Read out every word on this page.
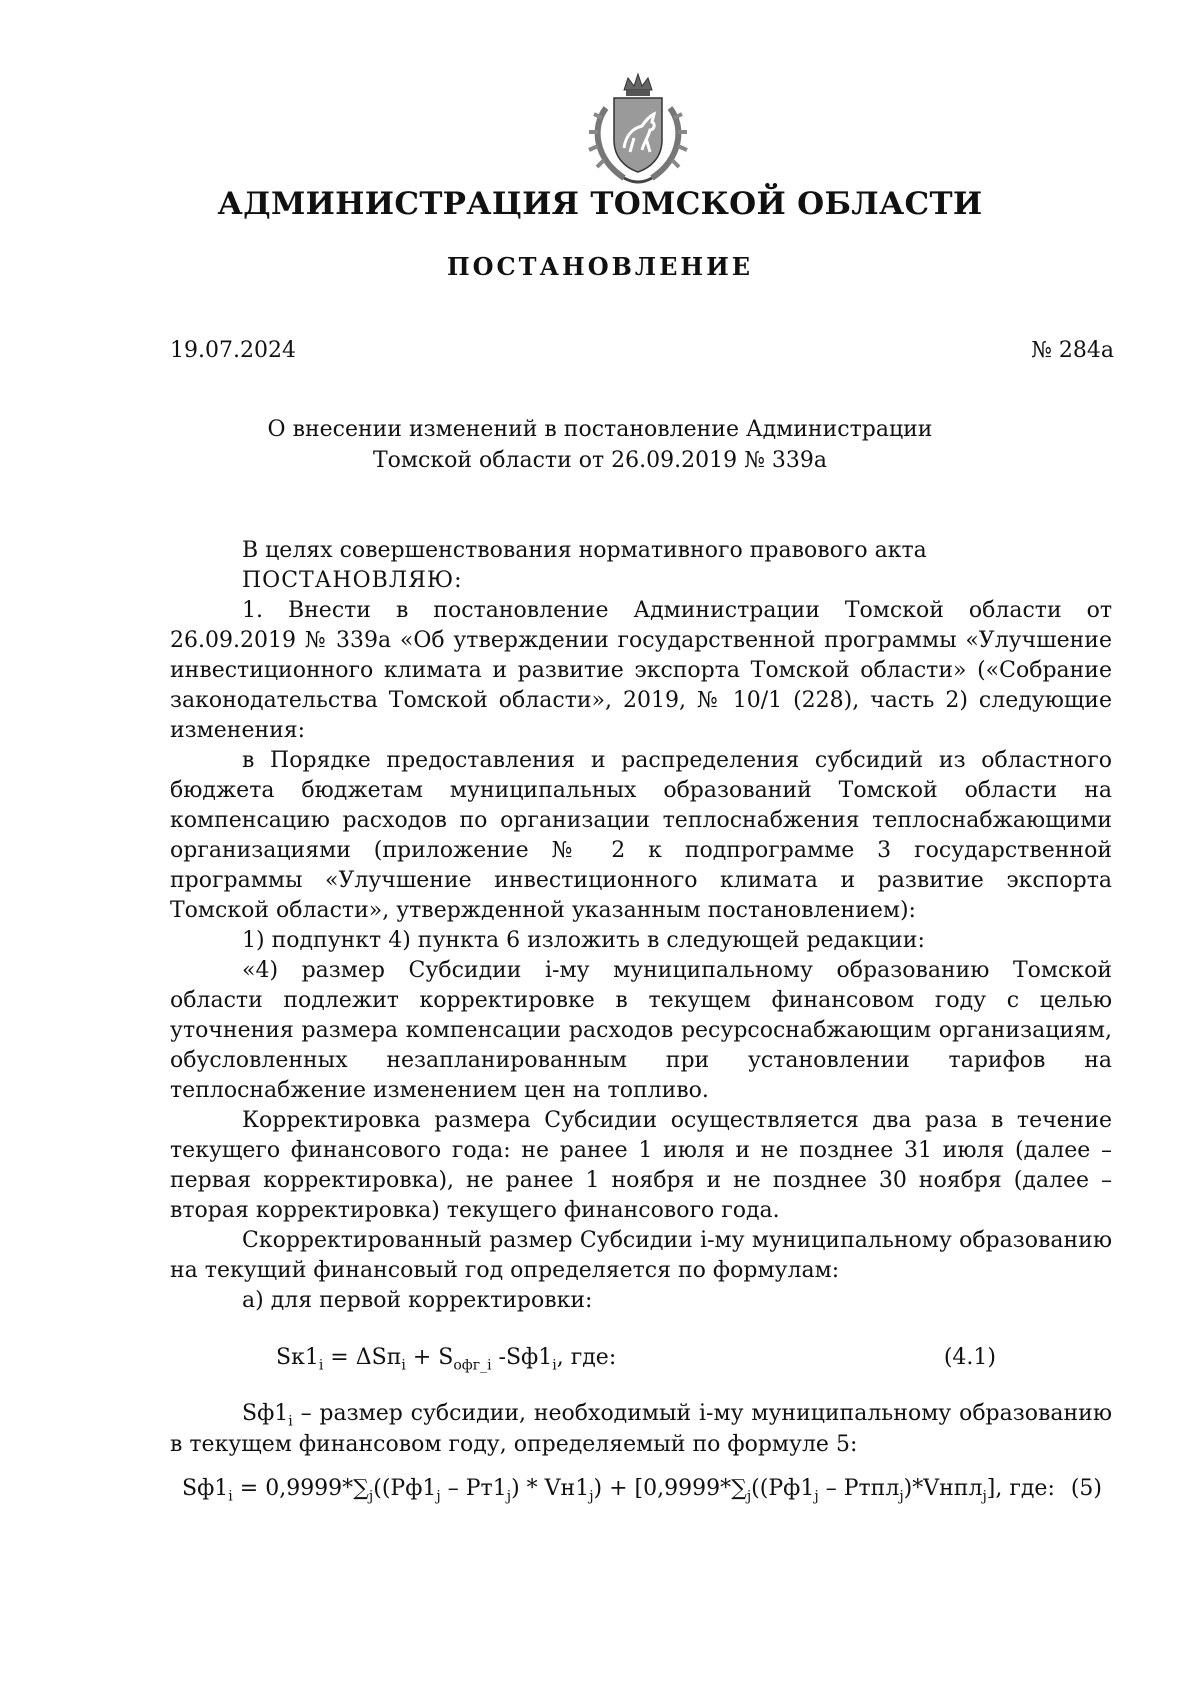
АДМИНИСТРАЦИЯ ТОМСКОЙ ОБЛАСТИ
ПОСТАНОВЛЕНИЕ
19.07.2024	№ 284а
О внесении изменений в постановление Администрации
Томской области от 26.09.2019 № 339а

В целях совершенствования нормативного правового акта

ПОСТАНОВЛЯЮ:

1. Внести в постановление Администрации Томской области от 26.09.2019 № 339а «Об утверждении государственной программы «Улучшение инвестиционного климата и развитие экспорта Томской области» («Собрание законодательства Томской области», 2019, № 10/1 (228), часть 2) следующие изменения:

в Порядке предоставления и распределения субсидий из областного бюджета бюджетам муниципальных образований Томской области на компенсацию расходов по организации теплоснабжения теплоснабжающими организациями (приложение № 2 к подпрограмме 3 государственной программы «Улучшение инвестиционного климата и развитие экспорта Томской области», утвержденной указанным постановлением):

1) подпункт 4) пункта 6 изложить в следующей редакции:

«4) размер Субсидии i-му муниципальному образованию Томской области подлежит корректировке в текущем финансовом году с целью уточнения размера компенсации расходов ресурсоснабжающим организациям, обусловленных незапланированным при установлении тарифов на теплоснабжение изменением цен на топливо.

Корректировка размера Субсидии осуществляется два раза в течение текущего финансового года: не ранее 1 июля и не позднее 31 июля (далее – первая корректировка), не ранее 1 ноября и не позднее 30 ноября (далее – вторая корректировка) текущего финансового года.

Скорректированный размер Субсидии i-му муниципальному образованию на текущий финансовый год определяется по формулам:

а) для первой корректировки:

$Sк1_i = \Delta Sп_i + S_{офг\_i}$ $-Sф1_i$, где:	(4.1)

$Sф1_i$ – размер субсидии, необходимый i-му муниципальному образованию в текущем финансовом году, определяемый по формуле 5:

$Sф1_i = 0,9999*\sum_j((Рф1_j - Рт1_j) * Vн1_j) + [0,9999*\sum_j((Рф1_j$ – Ртпл$_j$)*Vнпл$_j$], где: (5)
